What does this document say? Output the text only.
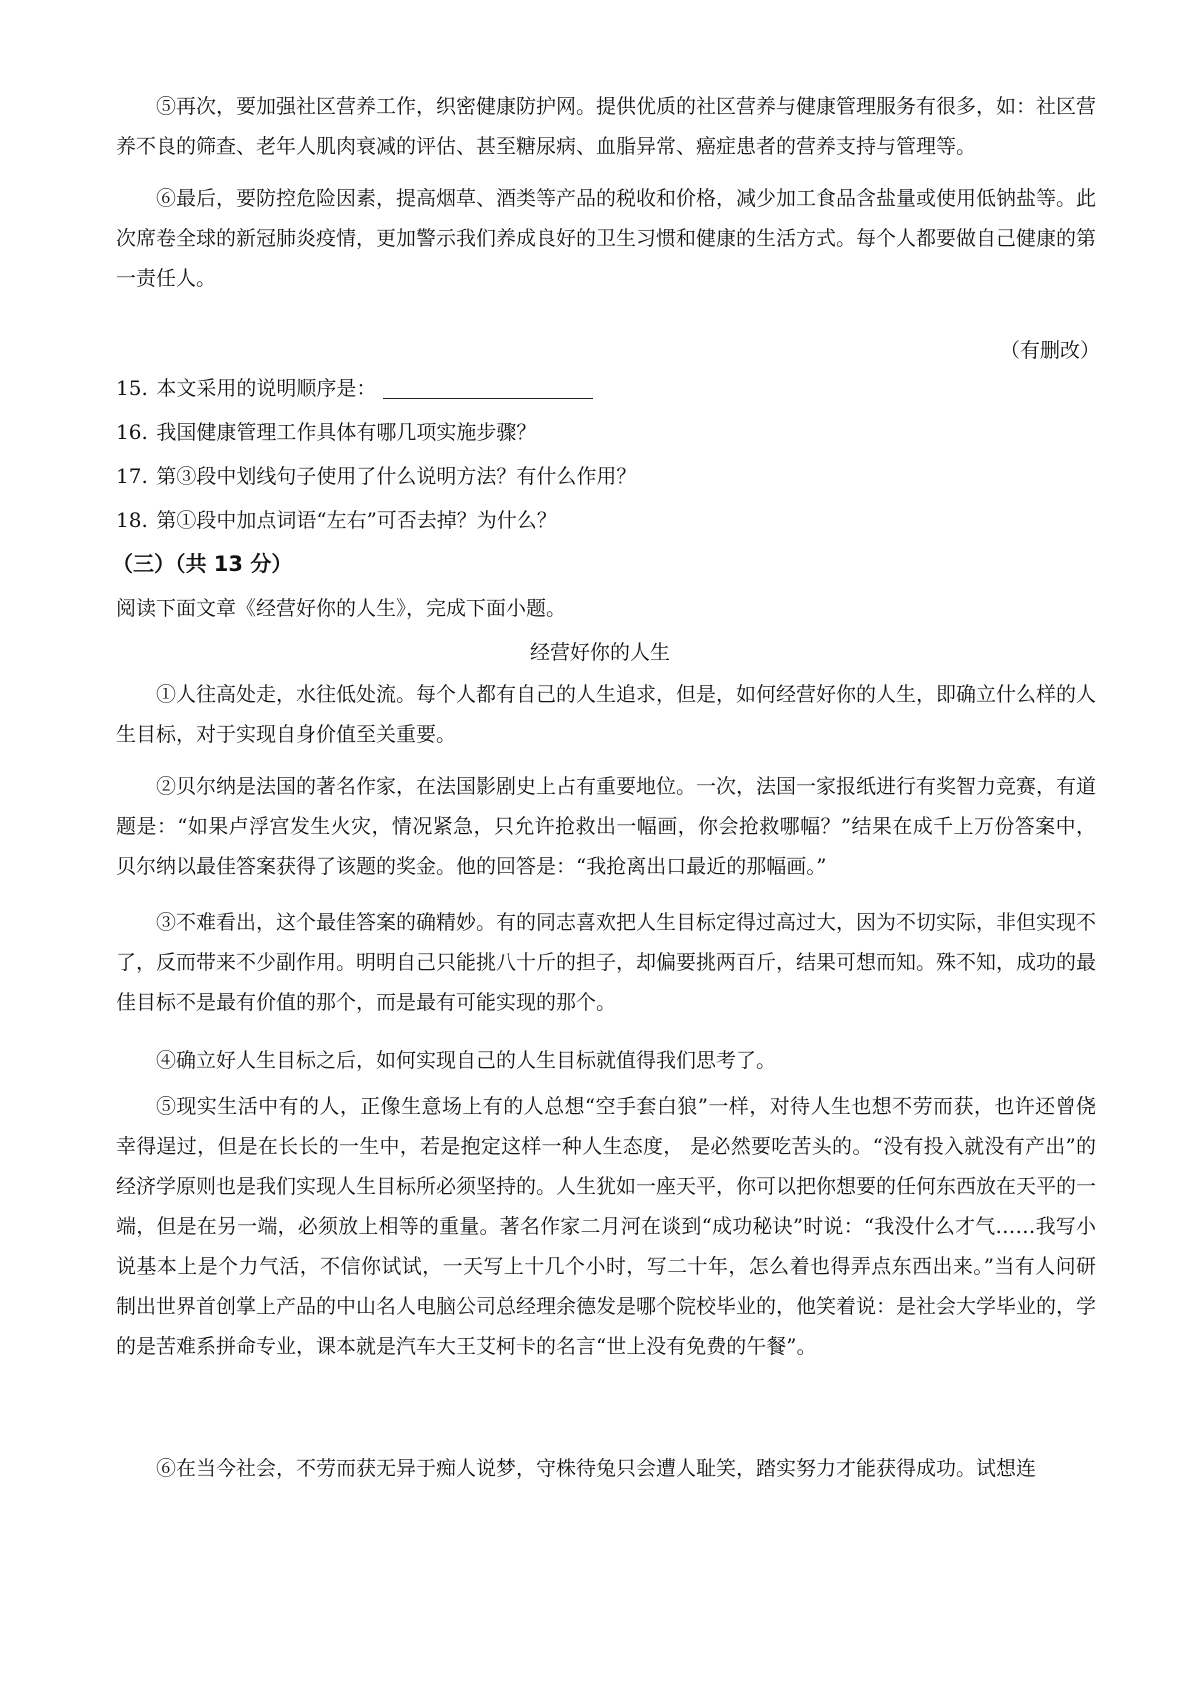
⑤再次，要加强社区营养工作，织密健康防护网。提供优质的社区营养与健康管理服务有很多，如：社区营养不良的筛查、老年人肌肉衰减的评估、甚至糖尿病、血脂异常、癌症患者的营养支持与管理等。

⑥最后，要防控危险因素，提高烟草、酒类等产品的税收和价格，减少加工食品含盐量或使用低钠盐等。此次席卷全球的新冠肺炎疫情，更加警示我们养成良好的卫生习惯和健康的生活方式。每个人都要做自己健康的第一责任人。

（有删改）

15. 本文采用的说明顺序是：

16. 我国健康管理工作具体有哪几项实施步骤？

17. 第③段中划线句子使用了什么说明方法？有什么作用？

18. 第①段中加点词语“左右”可否去掉？为什么？

（三）（共 13 分）

阅读下面文章《经营好你的人生》，完成下面小题。

经营好你的人生

①人往高处走，水往低处流。每个人都有自己的人生追求，但是，如何经营好你的人生，即确立什么样的人生目标，对于实现自身价值至关重要。

②贝尔纳是法国的著名作家，在法国影剧史上占有重要地位。一次，法国一家报纸进行有奖智力竞赛，有道题是：“如果卢浮宫发生火灾，情况紧急，只允许抢救出一幅画，你会抢救哪幅？”结果在成千上万份答案中，贝尔纳以最佳答案获得了该题的奖金。他的回答是：“我抢离出口最近的那幅画。”

③不难看出，这个最佳答案的确精妙。有的同志喜欢把人生目标定得过高过大，因为不切实际，非但实现不了，反而带来不少副作用。明明自己只能挑八十斤的担子，却偏要挑两百斤，结果可想而知。殊不知，成功的最佳目标不是最有价值的那个，而是最有可能实现的那个。

④确立好人生目标之后，如何实现自己的人生目标就值得我们思考了。

⑤现实生活中有的人，正像生意场上有的人总想“空手套白狼”一样，对待人生也想不劳而获，也许还曾侥幸得逞过，但是在长长的一生中，若是抱定这样一种人生态度， 是必然要吃苦头的。“没有投入就没有产出”的经济学原则也是我们实现人生目标所必须坚持的。人生犹如一座天平，你可以把你想要的任何东西放在天平的一端，但是在另一端，必须放上相等的重量。著名作家二月河在谈到“成功秘诀”时说：“我没什么才气……我写小说基本上是个力气活，不信你试试，一天写上十几个小时，写二十年，怎么着也得弄点东西出来。”当有人问研制出世界首创掌上产品的中山名人电脑公司总经理余德发是哪个院校毕业的，他笑着说：是社会大学毕业的，学的是苦难系拼命专业，课本就是汽车大王艾柯卡的名言“世上没有免费的午餐”。

⑥在当今社会，不劳而获无异于痴人说梦，守株待兔只会遭人耻笑，踏实努力才能获得成功。试想连
